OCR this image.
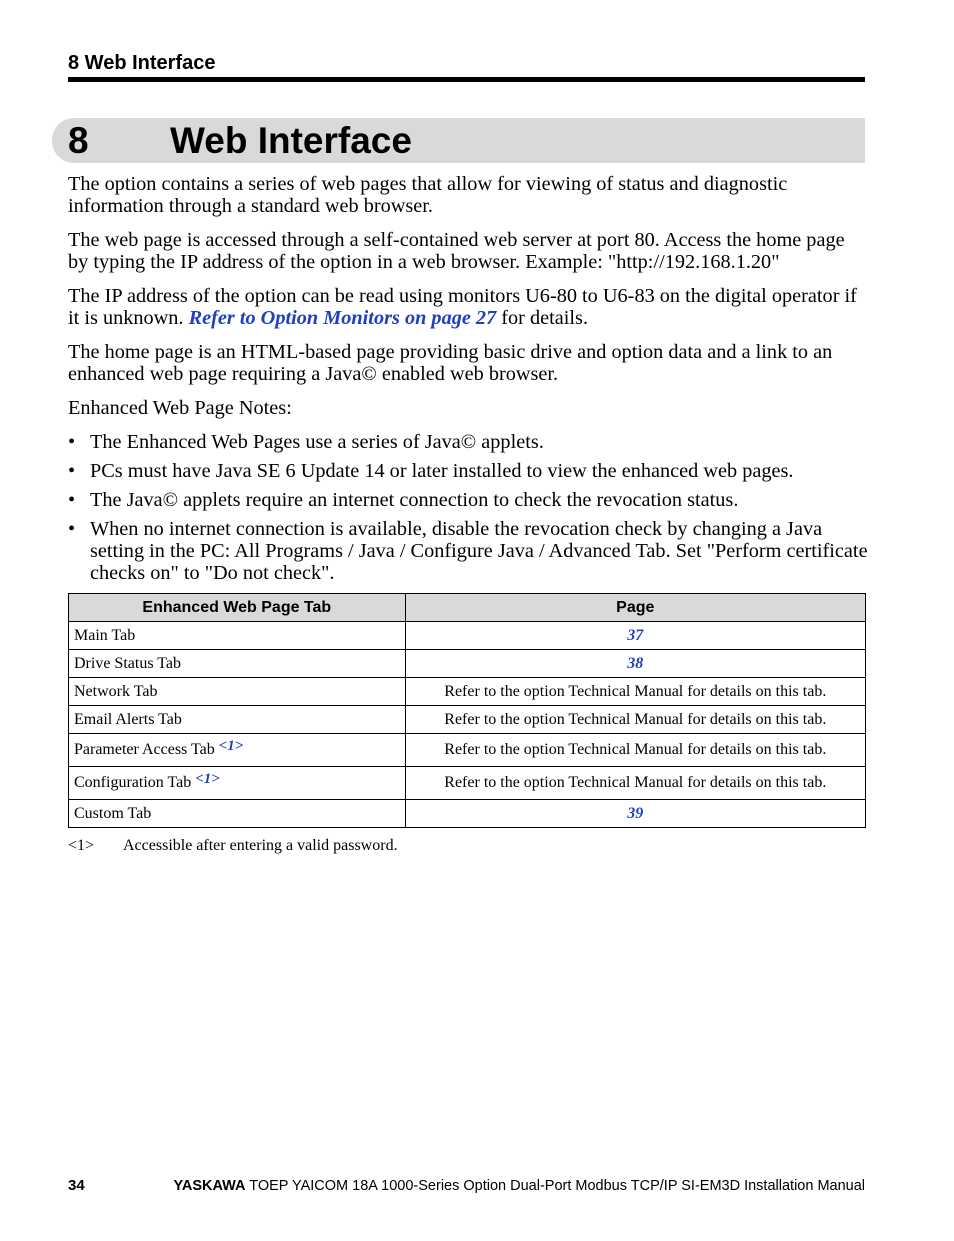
8 Web Interface
8 Web Interface

The option contains a series of web pages that allow for viewing of status and diagnostic information through a standard web browser.

The web page is accessed through a self-contained web server at port 80. Access the home page by typing the IP address of the option in a web browser. Example: "http://192.168.1.20"

The IP address of the option can be read using monitors U6-80 to U6-83 on the digital operator if it is unknown. Refer to Option Monitors on page 27 for details.

The home page is an HTML-based page providing basic drive and option data and a link to an enhanced web page requiring a Java© enabled web browser.

Enhanced Web Page Notes:

• The Enhanced Web Pages use a series of Java© applets.
• PCs must have Java SE 6 Update 14 or later installed to view the enhanced web pages.
• The Java© applets require an internet connection to check the revocation status.
• When no internet connection is available, disable the revocation check by changing a Java setting in the PC: All Programs / Java / Configure Java / Advanced Tab. Set "Perform certificate checks on" to "Do not check".
Enhanced Web Page Tab	Page
Main Tab	37
Drive Status Tab	38
Network Tab	Refer to the option Technical Manual for details on this tab.
Email Alerts Tab	Refer to the option Technical Manual for details on this tab.
Parameter Access Tab <1>	Refer to the option Technical Manual for details on this tab.
Configuration Tab <1>	Refer to the option Technical Manual for details on this tab.
Custom Tab	39
<1> Accessible after entering a valid password.
34	YASKAWA TOEP YAICOM 18A 1000-Series Option Dual-Port Modbus TCP/IP SI-EM3D Installation Manual
